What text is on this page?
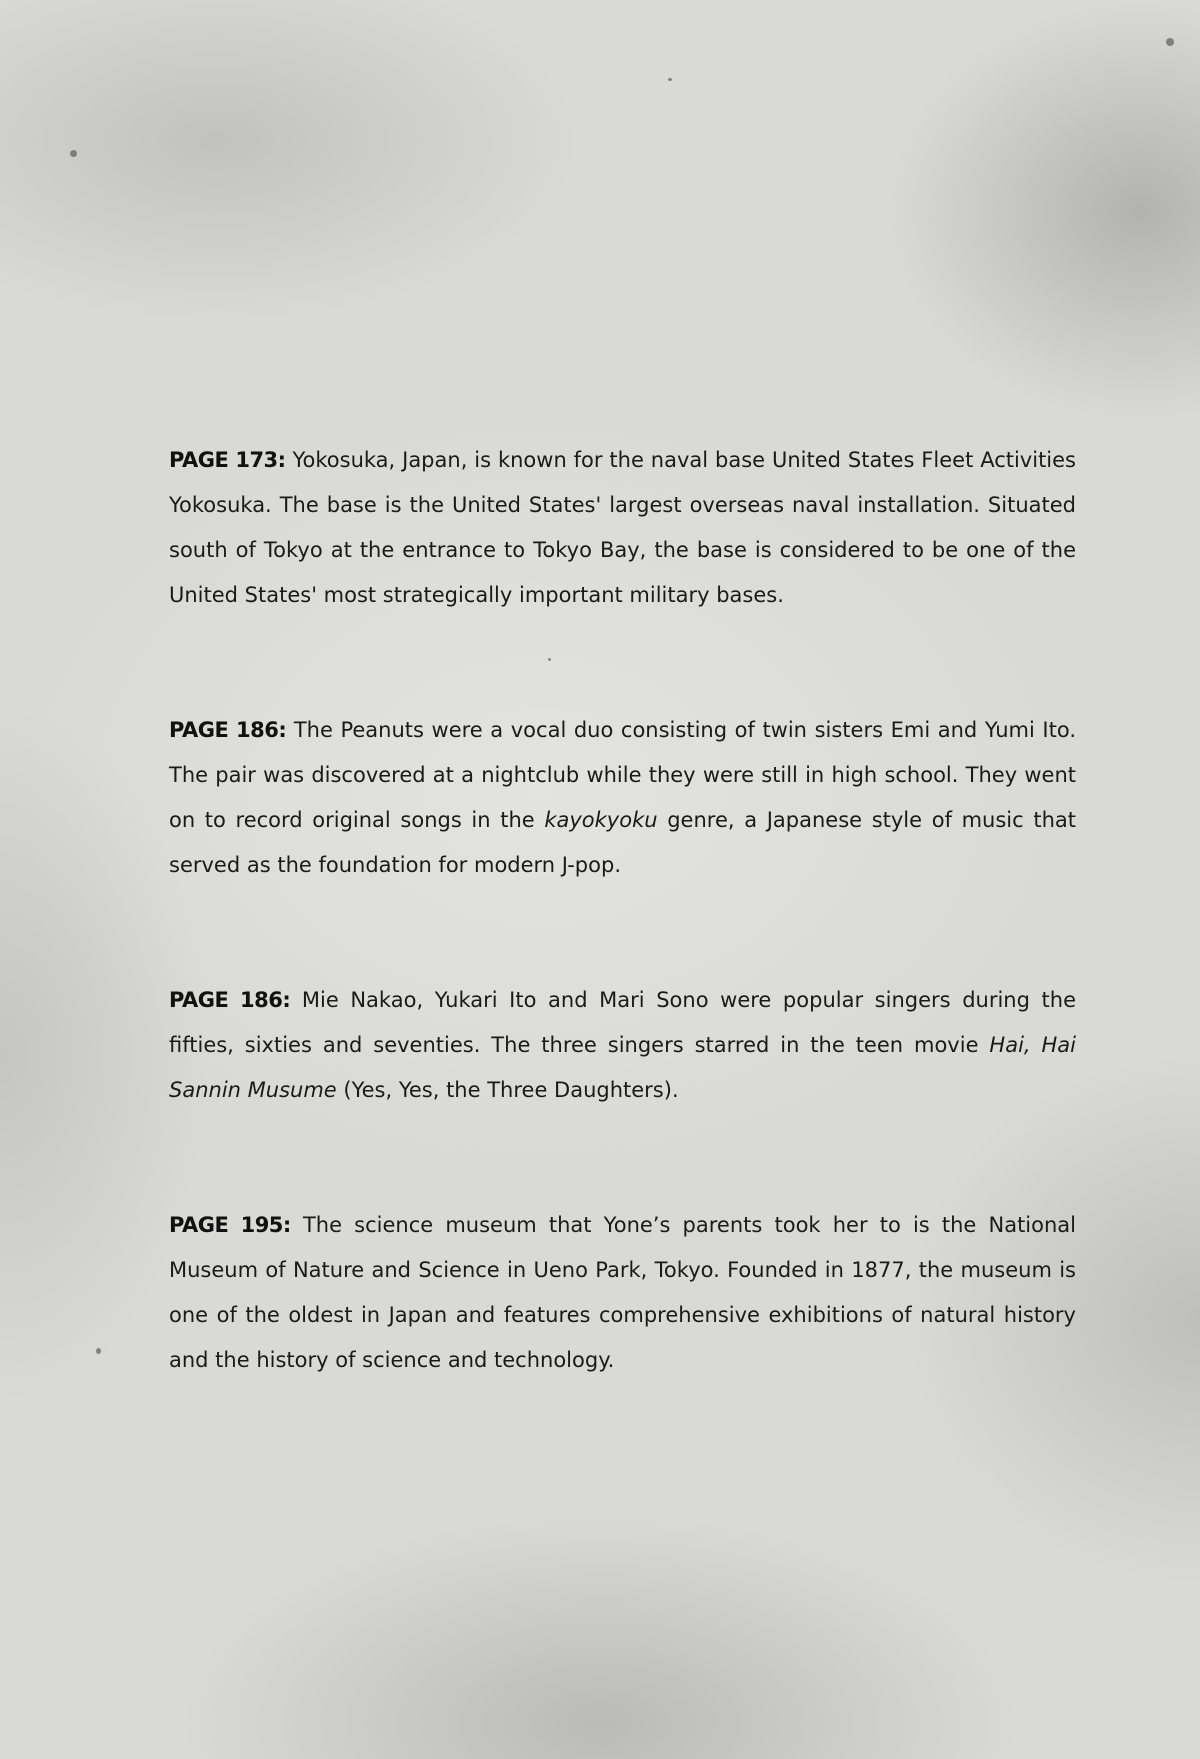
PAGE 173: Yokosuka, Japan, is known for the naval base United States Fleet Activities Yokosuka. The base is the United States' largest overseas naval installation. Situated south of Tokyo at the entrance to Tokyo Bay, the base is considered to be one of the United States' most strategically important military bases.

PAGE 186: The Peanuts were a vocal duo consisting of twin sisters Emi and Yumi Ito. The pair was discovered at a nightclub while they were still in high school. They went on to record original songs in the kayokyoku genre, a Japanese style of music that served as the foundation for modern J-pop.

PAGE 186: Mie Nakao, Yukari Ito and Mari Sono were popular singers during the fifties, sixties and seventies. The three singers starred in the teen movie Hai, Hai Sannin Musume (Yes, Yes, the Three Daughters).

PAGE 195: The science museum that Yone’s parents took her to is the National Museum of Nature and Science in Ueno Park, Tokyo. Founded in 1877, the museum is one of the oldest in Japan and features comprehensive exhibitions of natural history and the history of science and technology.
